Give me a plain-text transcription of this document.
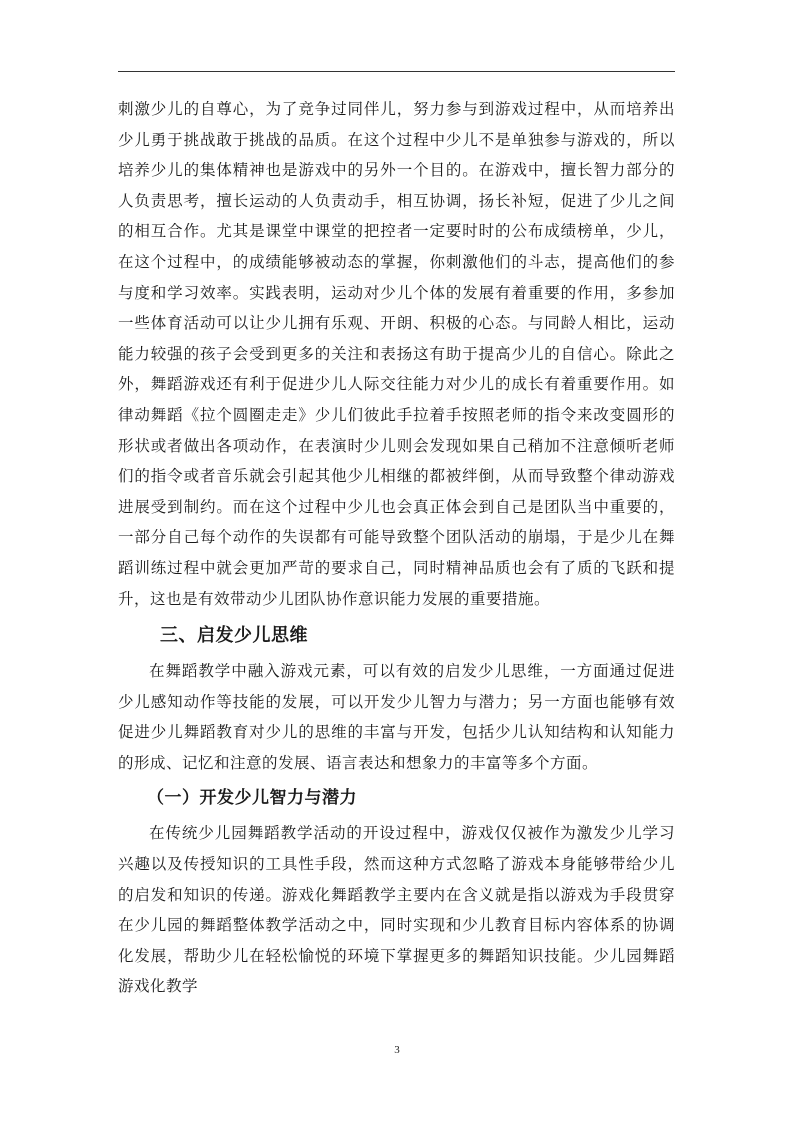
刺激少儿的自尊心，为了竞争过同伴儿，努力参与到游戏过程中，从而培养出少儿勇于挑战敢于挑战的品质。在这个过程中少儿不是单独参与游戏的，所以培养少儿的集体精神也是游戏中的另外一个目的。在游戏中，擅长智力部分的人负责思考，擅长运动的人负责动手，相互协调，扬长补短，促进了少儿之间的相互合作。尤其是课堂中课堂的把控者一定要时时的公布成绩榜单，少儿，在这个过程中，的成绩能够被动态的掌握，你刺激他们的斗志，提高他们的参与度和学习效率。实践表明，运动对少儿个体的发展有着重要的作用，多参加一些体育活动可以让少儿拥有乐观、开朗、积极的心态。与同龄人相比，运动能力较强的孩子会受到更多的关注和表扬这有助于提高少儿的自信心。除此之外，舞蹈游戏还有利于促进少儿人际交往能力对少儿的成长有着重要作用。如律动舞蹈《拉个圆圈走走》少儿们彼此手拉着手按照老师的指令来改变圆形的形状或者做出各项动作，在表演时少儿则会发现如果自己稍加不注意倾听老师们的指令或者音乐就会引起其他少儿相继的都被绊倒，从而导致整个律动游戏进展受到制约。而在这个过程中少儿也会真正体会到自己是团队当中重要的，一部分自己每个动作的失误都有可能导致整个团队活动的崩塌，于是少儿在舞蹈训练过程中就会更加严苛的要求自己，同时精神品质也会有了质的飞跃和提升，这也是有效带动少儿团队协作意识能力发展的重要措施。

三、启发少儿思维

在舞蹈教学中融入游戏元素，可以有效的启发少儿思维，一方面通过促进少儿感知动作等技能的发展，可以开发少儿智力与潜力；另一方面也能够有效促进少儿舞蹈教育对少儿的思维的丰富与开发，包括少儿认知结构和认知能力的形成、记忆和注意的发展、语言表达和想象力的丰富等多个方面。

（一）开发少儿智力与潜力

在传统少儿园舞蹈教学活动的开设过程中，游戏仅仅被作为激发少儿学习兴趣以及传授知识的工具性手段，然而这种方式忽略了游戏本身能够带给少儿的启发和知识的传递。游戏化舞蹈教学主要内在含义就是指以游戏为手段贯穿在少儿园的舞蹈整体教学活动之中，同时实现和少儿教育目标内容体系的协调化发展，帮助少儿在轻松愉悦的环境下掌握更多的舞蹈知识技能。少儿园舞蹈游戏化教学

3
